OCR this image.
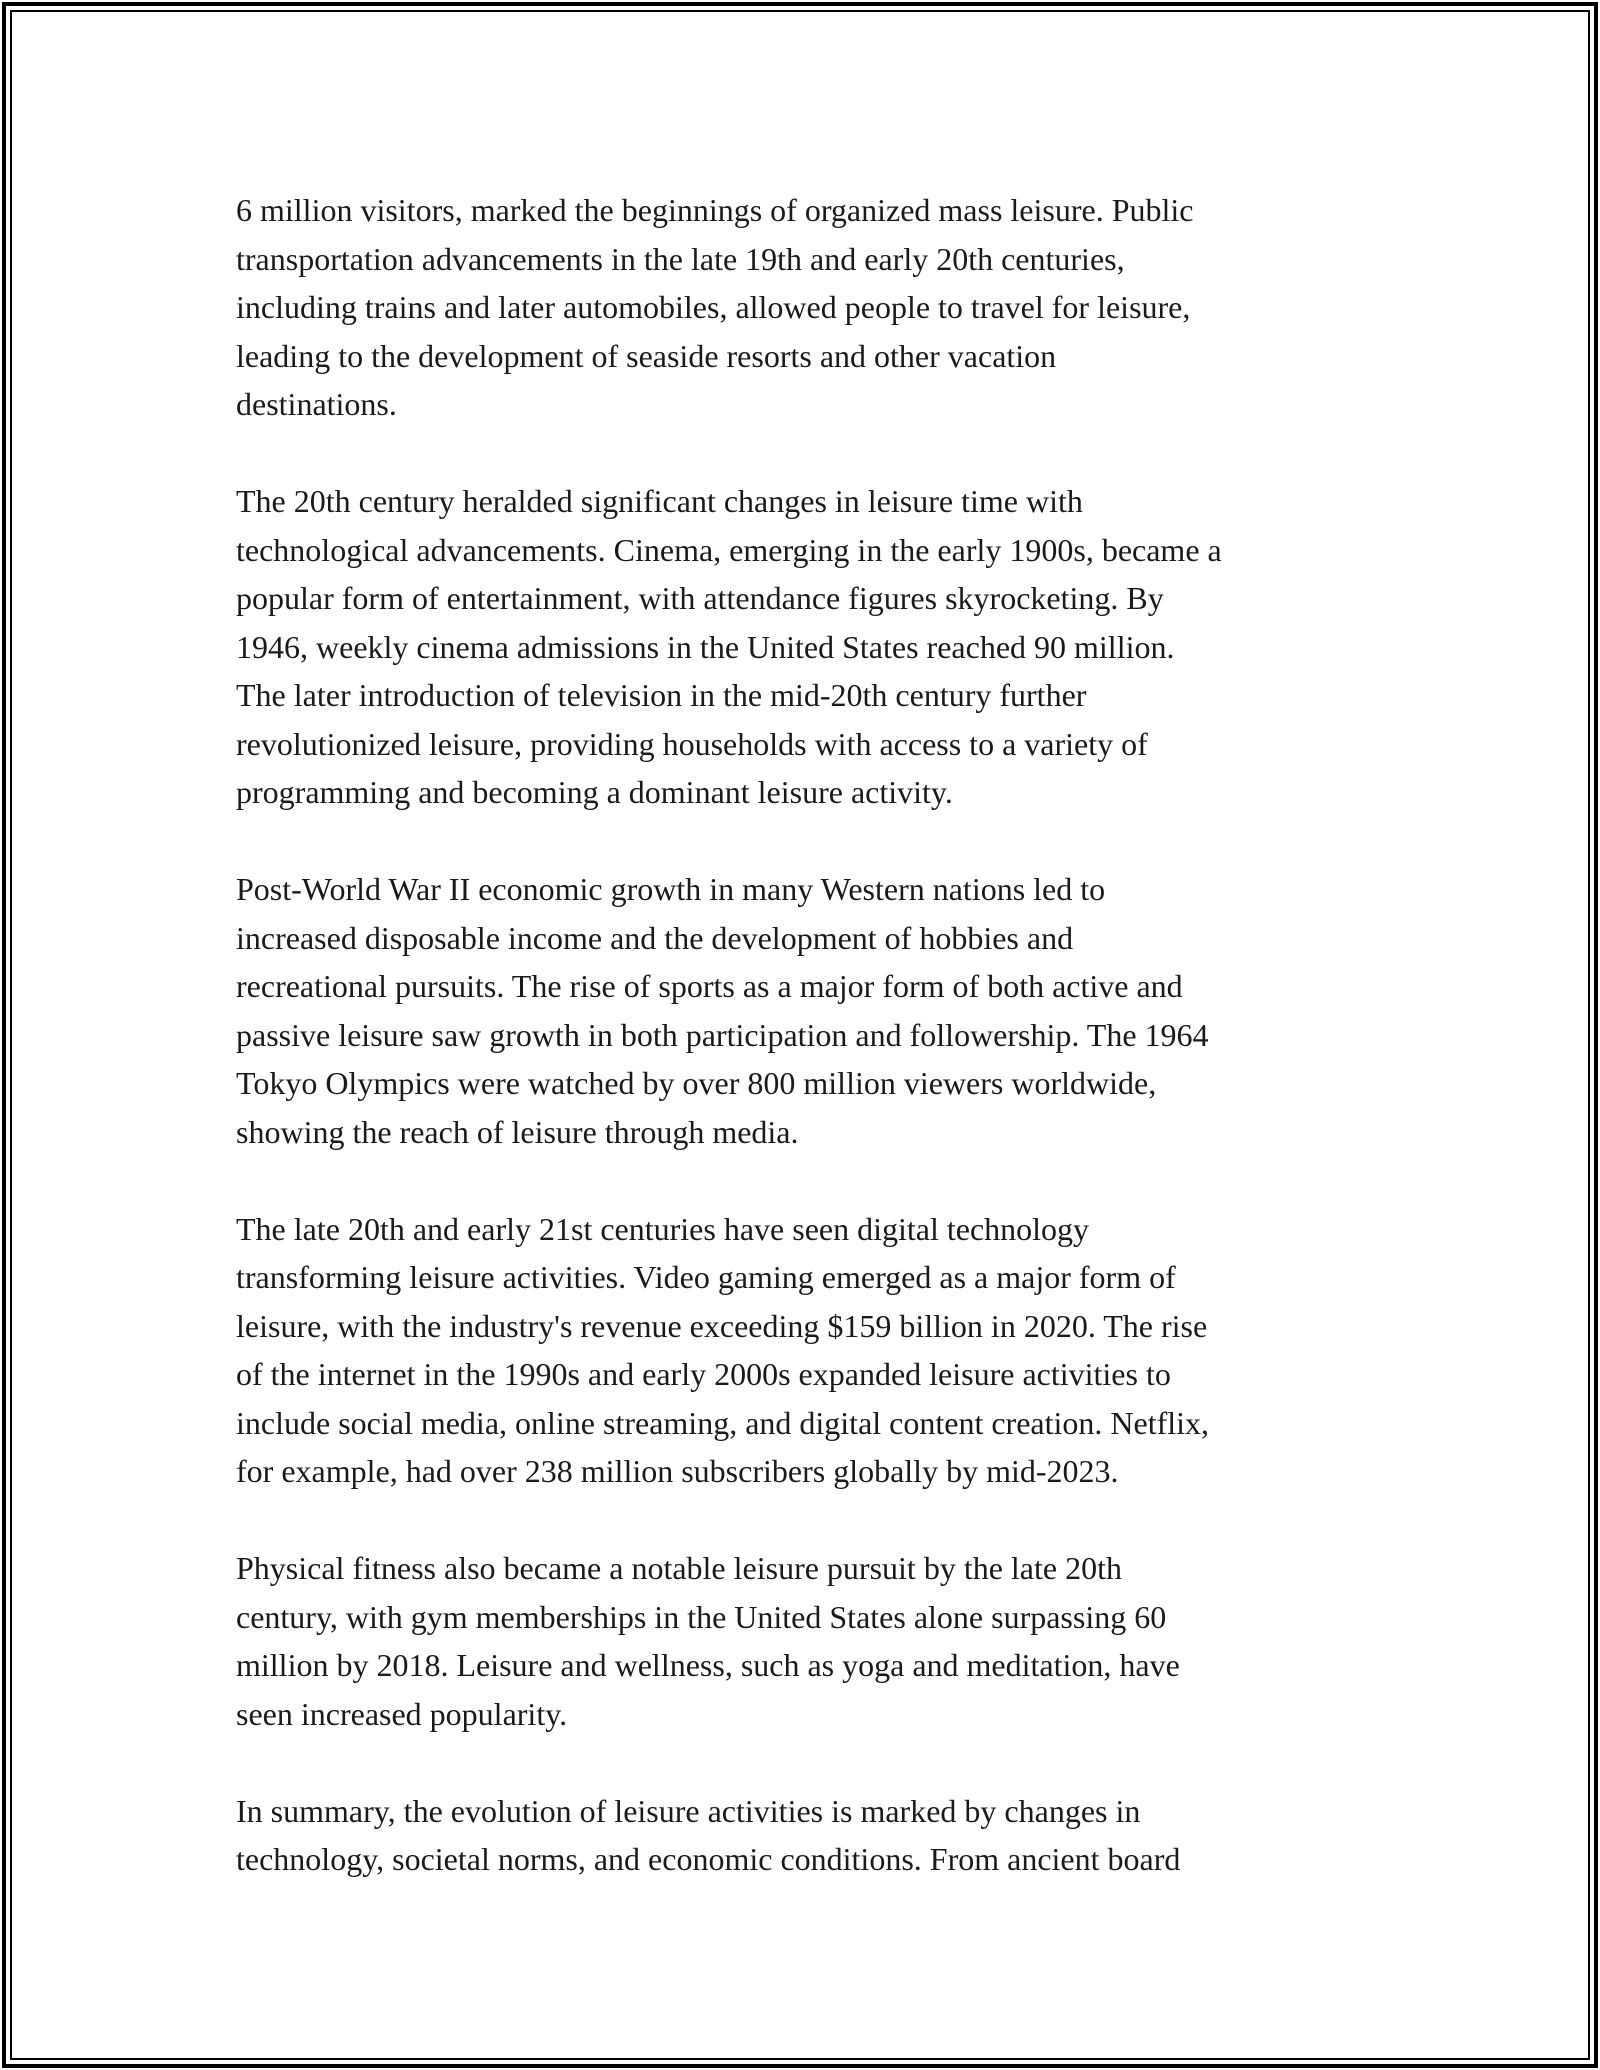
6 million visitors, marked the beginnings of organized mass leisure. Public
transportation advancements in the late 19th and early 20th centuries,
including trains and later automobiles, allowed people to travel for leisure,
leading to the development of seaside resorts and other vacation
destinations.

The 20th century heralded significant changes in leisure time with
technological advancements. Cinema, emerging in the early 1900s, became a
popular form of entertainment, with attendance figures skyrocketing. By
1946, weekly cinema admissions in the United States reached 90 million.
The later introduction of television in the mid-20th century further
revolutionized leisure, providing households with access to a variety of
programming and becoming a dominant leisure activity.

Post-World War II economic growth in many Western nations led to
increased disposable income and the development of hobbies and
recreational pursuits. The rise of sports as a major form of both active and
passive leisure saw growth in both participation and followership. The 1964
Tokyo Olympics were watched by over 800 million viewers worldwide,
showing the reach of leisure through media.

The late 20th and early 21st centuries have seen digital technology
transforming leisure activities. Video gaming emerged as a major form of
leisure, with the industry's revenue exceeding $159 billion in 2020. The rise
of the internet in the 1990s and early 2000s expanded leisure activities to
include social media, online streaming, and digital content creation. Netflix,
for example, had over 238 million subscribers globally by mid-2023.

Physical fitness also became a notable leisure pursuit by the late 20th
century, with gym memberships in the United States alone surpassing 60
million by 2018. Leisure and wellness, such as yoga and meditation, have
seen increased popularity.

In summary, the evolution of leisure activities is marked by changes in
technology, societal norms, and economic conditions. From ancient board
